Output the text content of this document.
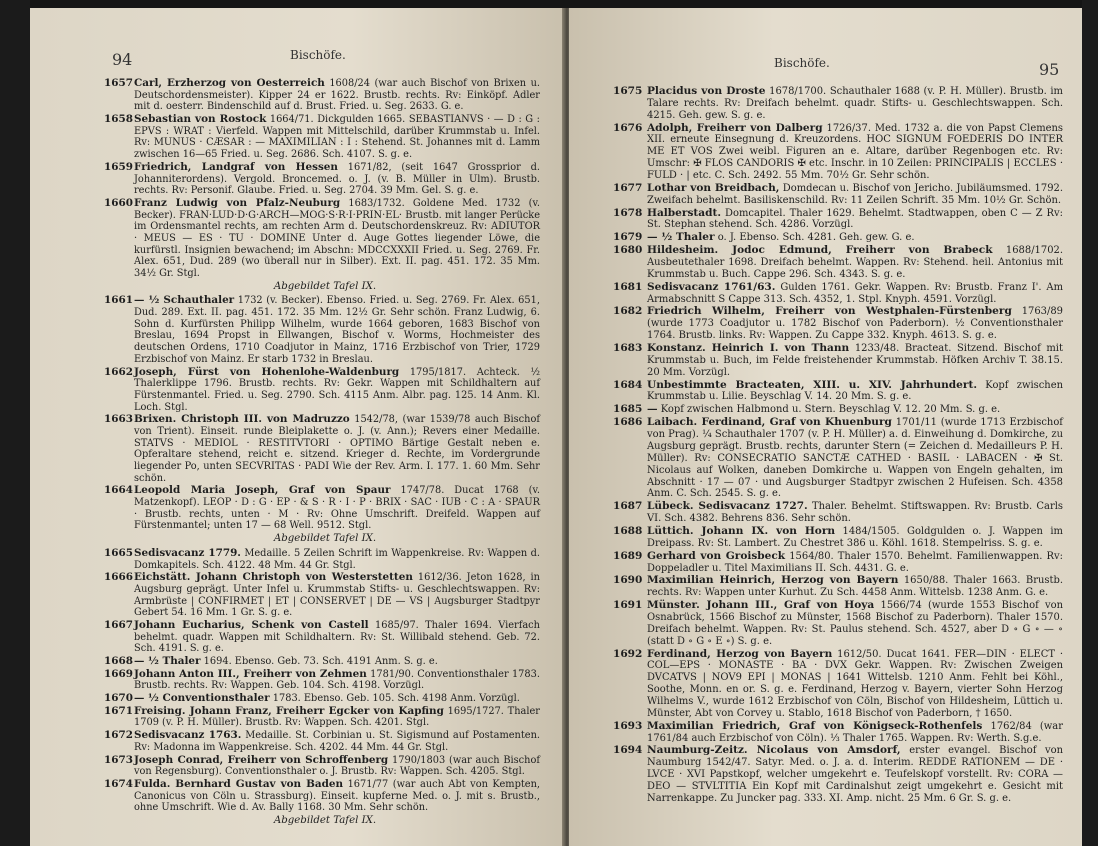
94	Bischöfe.
1657 Carl, Erzherzog von Oesterreich 1608/24 (war auch Bischof von Brixen u. Deutschordensmeister). Kipper 24 er 1622. Brustb. rechts. Rv: Einköpf. Adler mit d. oesterr. Bindenschild auf d. Brust. Fried. u. Seg. 2633. G. e.
1658 Sebastian von Rostock 1664/71. Dickgulden 1665. SEBASTIANVS · — D : G : EPVS : WRAT : Vierfeld. Wappen mit Mittelschild, darüber Krummstab u. Infel. Rv: MUNUS · CÆSAR : — MAXIMILIAN : I : Stehend. St. Johannes mit d. Lamm zwischen 16—65 Fried. u. Seg. 2686. Sch. 4107. S. g. e.
1659 Friedrich, Landgraf von Hessen 1671/82, (seit 1647 Grossprior d. Johanniterordens). Vergold. Broncemed. o. J. (v. B. Müller in Ulm). Brustb. rechts. Rv: Personif. Glaube. Fried. u. Seg. 2704. 39 Mm. Gel. S. g. e.
1660 Franz Ludwig von Pfalz-Neuburg 1683/1732. Goldene Med. 1732 (v. Becker). FRAN·LUD·D·G·ARCH—MOG·S·R·I·PRIN·EL· Brustb. mit langer Perücke im Ordensmantel rechts, am rechten Arm d. Deutschordenskreuz. Rv: ADIUTOR · MEUS — ES · TU · DOMINE Unter d. Auge Gottes liegender Löwe, die kurfürstl. Insignien bewachend; im Abschn: MDCCXXXII Fried. u. Seg. 2769. Fr. Alex. 651, Dud. 289 (wo überall nur in Silber). Ext. II. pag. 451. 172. 35 Mm. 34½ Gr. Stgl.
Abgebildet Tafel IX.
1661 — ½ Schauthaler 1732 (v. Becker). Ebenso. Fried. u. Seg. 2769. Fr. Alex. 651, Dud. 289. Ext. II. pag. 451. 172. 35 Mm. 12½ Gr. Sehr schön. Franz Ludwig, 6. Sohn d. Kurfürsten Philipp Wilhelm, wurde 1664 geboren, 1683 Bischof von Breslau, 1694 Propst in Ellwangen, Bischof v. Worms, Hochmeister des deutschen Ordens, 1710 Coadjutor in Mainz, 1716 Erzbischof von Trier, 1729 Erzbischof von Mainz. Er starb 1732 in Breslau.
1662 Joseph, Fürst von Hohenlohe-Waldenburg 1795/1817. Achteck. ½ Thalerklippe 1796. Brustb. rechts. Rv: Gekr. Wappen mit Schildhaltern auf Fürstenmantel. Fried. u. Seg. 2790. Sch. 4115 Anm. Albr. pag. 125. 14 Anm. Kl. Loch. Stgl.
1663 Brixen. Christoph III. von Madruzzo 1542/78, (war 1539/78 auch Bischof von Trient). Einseit. runde Bleiplakette o. J. (v. Ann.); Revers einer Medaille. STATVS · MEDIOL · RESTITVTORI · OPTIMO Bärtige Gestalt neben e. Opferaltare stehend, reicht e. sitzend. Krieger d. Rechte, im Vordergrunde liegender Po, unten SECVRITAS · PADI Wie der Rev. Arm. I. 177. 1. 60 Mm. Sehr schön.
1664 Leopold Maria Joseph, Graf von Spaur 1747/78. Ducat 1768 (v. Matzenkopf). LEOP · D : G · EP · & S · R · I · P · BRIX · SAC · IUB · C : A · SPAUR · Brustb. rechts, unten · M · Rv: Ohne Umschrift. Dreifeld. Wappen auf Fürstenmantel; unten 17 — 68 Well. 9512. Stgl.
Abgebildet Tafel IX.
1665 Sedisvacanz 1779. Medaille. 5 Zeilen Schrift im Wappenkreise. Rv: Wappen d. Domkapitels. Sch. 4122. 48 Mm. 44 Gr. Stgl.
1666 Eichstätt. Johann Christoph von Westerstetten 1612/36. Jeton 1628, in Augsburg geprägt. Unter Infel u. Krummstab Stifts- u. Geschlechtswappen. Rv: Armbrüste | CONFIRMET | ET | CONSERVET | DE — VS | Augsburger Stadtpyr Gebert 54. 16 Mm. 1 Gr. S. g. e.
1667 Johann Eucharius, Schenk von Castell 1685/97. Thaler 1694. Vierfach behelmt. quadr. Wappen mit Schildhaltern. Rv: St. Willibald stehend. Geb. 72. Sch. 4191. S. g. e.
1668 — ½ Thaler 1694. Ebenso. Geb. 73. Sch. 4191 Anm. S. g. e.
1669 Johann Anton III., Freiherr von Zehmen 1781/90. Conventionsthaler 1783. Brustb. rechts. Rv: Wappen. Geb. 104. Sch. 4198. Vorzügl.
1670 — ½ Conventionsthaler 1783. Ebenso. Geb. 105. Sch. 4198 Anm. Vorzügl.
1671 Freising. Johann Franz, Freiherr Egcker von Kapfing 1695/1727. Thaler 1709 (v. P. H. Müller). Brustb. Rv: Wappen. Sch. 4201. Stgl.
1672 Sedisvacanz 1763. Medaille. St. Corbinian u. St. Sigismund auf Postamenten. Rv: Madonna im Wappenkreise. Sch. 4202. 44 Mm. 44 Gr. Stgl.
1673 Joseph Conrad, Freiherr von Schroffenberg 1790/1803 (war auch Bischof von Regensburg). Conventionsthaler o. J. Brustb. Rv: Wappen. Sch. 4205. Stgl.
1674 Fulda. Bernhard Gustav von Baden 1671/77 (war auch Abt von Kempten, Canonicus von Cöln u. Strassburg). Einseit. kupferne Med. o. J. mit s. Brustb., ohne Umschrift. Wie d. Av. Bally 1168. 30 Mm. Sehr schön.
Abgebildet Tafel IX.
Bischöfe.	95
1675 Placidus von Droste 1678/1700. Schauthaler 1688 (v. P. H. Müller). Brustb. im Talare rechts. Rv: Dreifach behelmt. quadr. Stifts- u. Geschlechtswappen. Sch. 4215. Geh. gew. S. g. e.
1676 Adolph, Freiherr von Dalberg 1726/37. Med. 1732 a. die von Papst Clemens XII. erneute Einsegnung d. Kreuzordens. HOC SIGNUM FOEDERIS DO INTER ME ET VOS Zwei weibl. Figuren an e. Altare, darüber Regenbogen etc. Rv: Umschr: ✠ FLOS CANDORIS ✠ etc. Inschr. in 10 Zeilen: PRINCIPALIS | ECCLES · FULD · | etc. C. Sch. 2492. 55 Mm. 70½ Gr. Sehr schön.
1677 Lothar von Breidbach, Domdecan u. Bischof von Jericho. Jubiläumsmed. 1792. Zweifach behelmt. Basiliskenschild. Rv: 11 Zeilen Schrift. 35 Mm. 10½ Gr. Schön.
1678 Halberstadt. Domcapitel. Thaler 1629. Behelmt. Stadtwappen, oben C — Z Rv: St. Stephan stehend. Sch. 4286. Vorzügl.
1679 — ½ Thaler o. J. Ebenso. Sch. 4281. Geh. gew. G. e.
1680 Hildesheim. Jodoc Edmund, Freiherr von Brabeck 1688/1702. Ausbeutethaler 1698. Dreifach behelmt. Wappen. Rv: Stehend. heil. Antonius mit Krummstab u. Buch. Cappe 296. Sch. 4343. S. g. e.
1681 Sedisvacanz 1761/63. Gulden 1761. Gekr. Wappen. Rv: Brustb. Franz I'. Am Armabschnitt S Cappe 313. Sch. 4352, 1. Stpl. Knyph. 4591. Vorzügl.
1682 Friedrich Wilhelm, Freiherr von Westphalen-Fürstenberg 1763/89 (wurde 1773 Coadjutor u. 1782 Bischof von Paderborn). ½ Conventionsthaler 1764. Brustb. links. Rv: Wappen. Zu Cappe 332. Knyph. 4613. S. g. e.
1683 Konstanz. Heinrich I. von Thann 1233/48. Bracteat. Sitzend. Bischof mit Krummstab u. Buch, im Felde freistehender Krummstab. Höfken Archiv T. 38.15. 20 Mm. Vorzügl.
1684 Unbestimmte Bracteaten, XIII. u. XIV. Jahrhundert. Kopf zwischen Krummstab u. Lilie. Beyschlag V. 14. 20 Mm. S. g. e.
1685 — Kopf zwischen Halbmond u. Stern. Beyschlag V. 12. 20 Mm. S. g. e.
1686 Laibach. Ferdinand, Graf von Khuenburg 1701/11 (wurde 1713 Erzbischof von Prag). ¼ Schauthaler 1707 (v. P. H. Müller) a. d. Einweihung d. Domkirche, zu Augsburg geprägt. Brustb. rechts, darunter Stern (= Zeichen d. Medailleurs P. H. Müller). Rv: CONSECRATIO SANCTÆ CATHED · BASIL · LABACEN · ✠ St. Nicolaus auf Wolken, daneben Domkirche u. Wappen von Engeln gehalten, im Abschnitt · 17 — 07 · und Augsburger Stadtpyr zwischen 2 Hufeisen. Sch. 4358 Anm. C. Sch. 2545. S. g. e.
1687 Lübeck. Sedisvacanz 1727. Thaler. Behelmt. Stiftswappen. Rv: Brustb. Carls VI. Sch. 4382. Behrens 836. Sehr schön.
1688 Lüttich. Johann IX. von Horn 1484/1505. Goldgulden o. J. Wappen im Dreipass. Rv: St. Lambert. Zu Chestret 386 u. Köhl. 1618. Stempelriss. S. g. e.
1689 Gerhard von Groisbeck 1564/80. Thaler 1570. Behelmt. Familienwappen. Rv: Doppeladler u. Titel Maximilians II. Sch. 4431. G. e.
1690 Maximilian Heinrich, Herzog von Bayern 1650/88. Thaler 1663. Brustb. rechts. Rv: Wappen unter Kurhut. Zu Sch. 4458 Anm. Wittelsb. 1238 Anm. G. e.
1691 Münster. Johann III., Graf von Hoya 1566/74 (wurde 1553 Bischof von Osnabrück, 1566 Bischof zu Münster, 1568 Bischof zu Paderborn). Thaler 1570. Dreifach behelmt. Wappen. Rv: St. Paulus stehend. Sch. 4527, aber D ∘ G ∘ — ∘ (statt D ∘ G ∘ E ∘) S. g. e.
1692 Ferdinand, Herzog von Bayern 1612/50. Ducat 1641. FER—DIN · ELECT · COL—EPS · MONASTE · BA · DVX Gekr. Wappen. Rv: Zwischen Zweigen DVCATVS | NOV9 EPI | MONAS | 1641 Wittelsb. 1210 Anm. Fehlt bei Köhl., Soothe, Monn. en or. S. g. e. Ferdinand, Herzog v. Bayern, vierter Sohn Herzog Wilhelms V., wurde 1612 Erzbischof von Cöln, Bischof von Hildesheim, Lüttich u. Münster, Abt von Corvey u. Stablo, 1618 Bischof von Paderborn, † 1650.
1693 Maximilian Friedrich, Graf von Königseck-Rothenfels 1762/84 (war 1761/84 auch Erzbischof von Cöln). ⅓ Thaler 1765. Wappen. Rv: Werth. S.g.e.
1694 Naumburg-Zeitz. Nicolaus von Amsdorf, erster evangel. Bischof von Naumburg 1542/47. Satyr. Med. o. J. a. d. Interim. REDDE RATIONEM — DE · LVCE · XVI Papstkopf, welcher umgekehrt e. Teufelskopf vorstellt. Rv: CORA — DEO — STVLTITIA Ein Kopf mit Cardinalshut zeigt umgekehrt e. Gesicht mit Narrenkappe. Zu Juncker pag. 333. XI. Amp. nicht. 25 Mm. 6 Gr. S. g. e.
